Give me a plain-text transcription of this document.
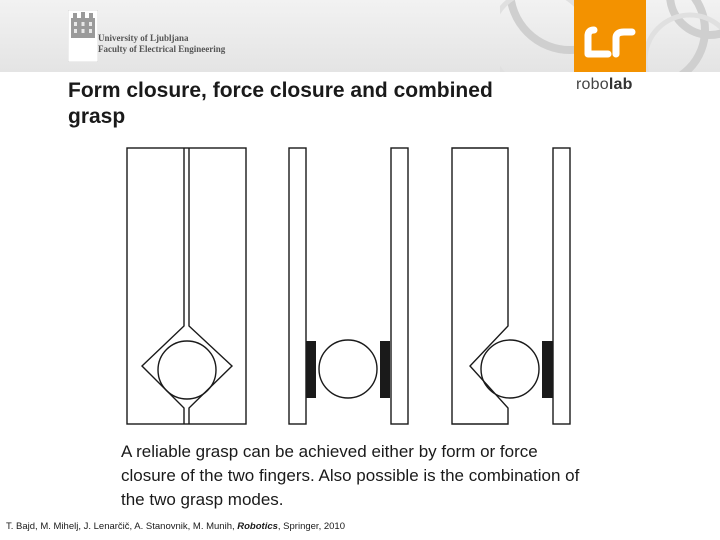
University of Ljubljana
Faculty of Electrical Engineering
robolab
Form closure, force closure and combined grasp
A reliable grasp can be achieved either by form or force closure of the two fingers. Also possible is the combination of the two grasp modes.
T. Bajd, M. Mihelj, J. Lenarčič, A. Stanovnik, M. Munih, Robotics, Springer, 2010
